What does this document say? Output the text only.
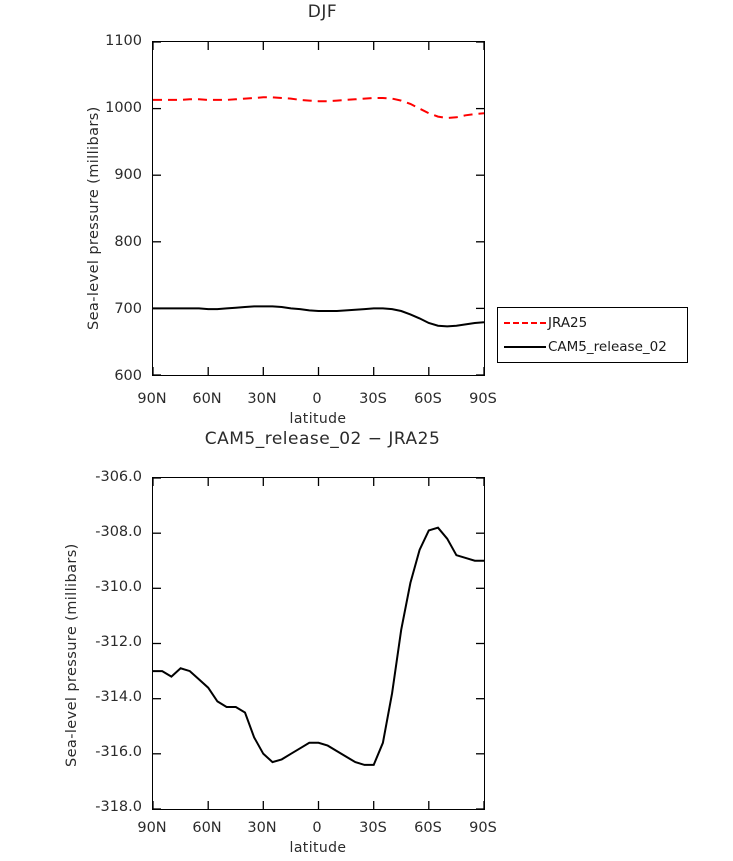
DJF
Sea-level pressure (millibars)
1100
1000
900
800
700
600
90N	60N	30N	0	30S	60S	90S
latitude
JRA25
CAM5_release_02
CAM5_release_02 − JRA25
Sea-level pressure (millibars)
-306.0
-308.0
-310.0
-312.0
-314.0
-316.0
-318.0
90N	60N	30N	0	30S	60S	90S
latitude
